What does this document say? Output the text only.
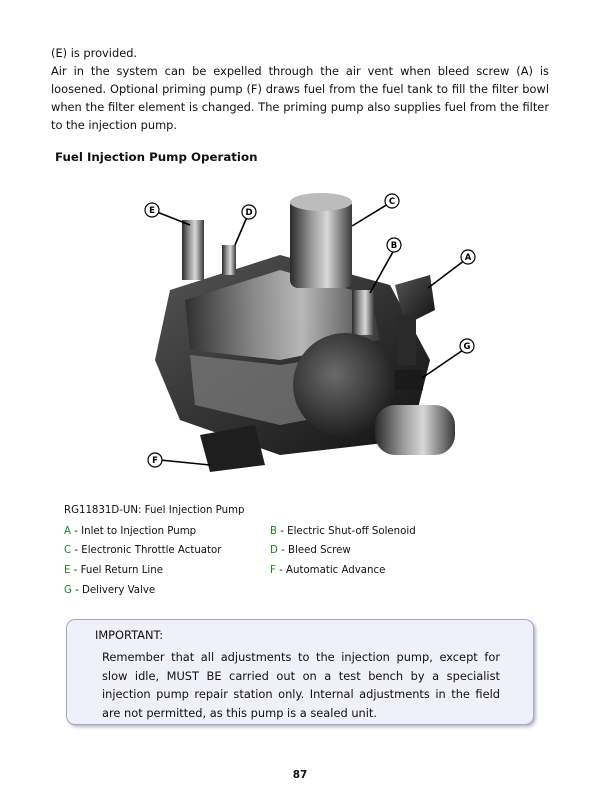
(E) is provided.

Air in the system can be expelled through the air vent when bleed screw (A) is loosened. Optional priming pump (F) draws fuel from the fuel tank to fill the filter bowl when the filter element is changed. The priming pump also supplies fuel from the filter to the injection pump.

Fuel Injection Pump Operation
E	D
C
B
A
G
F
RG11831D-UN: Fuel Injection Pump
A - Inlet to Injection Pump	B - Electric Shut-off Solenoid
C - Electronic Throttle Actuator	D - Bleed Screw
E - Fuel Return Line	F - Automatic Advance
G - Delivery Valve
IMPORTANT:

Remember that all adjustments to the injection pump, except for slow idle, MUST BE carried out on a test bench by a specialist injection pump repair station only. Internal adjustments in the field are not permitted, as this pump is a sealed unit.

87
